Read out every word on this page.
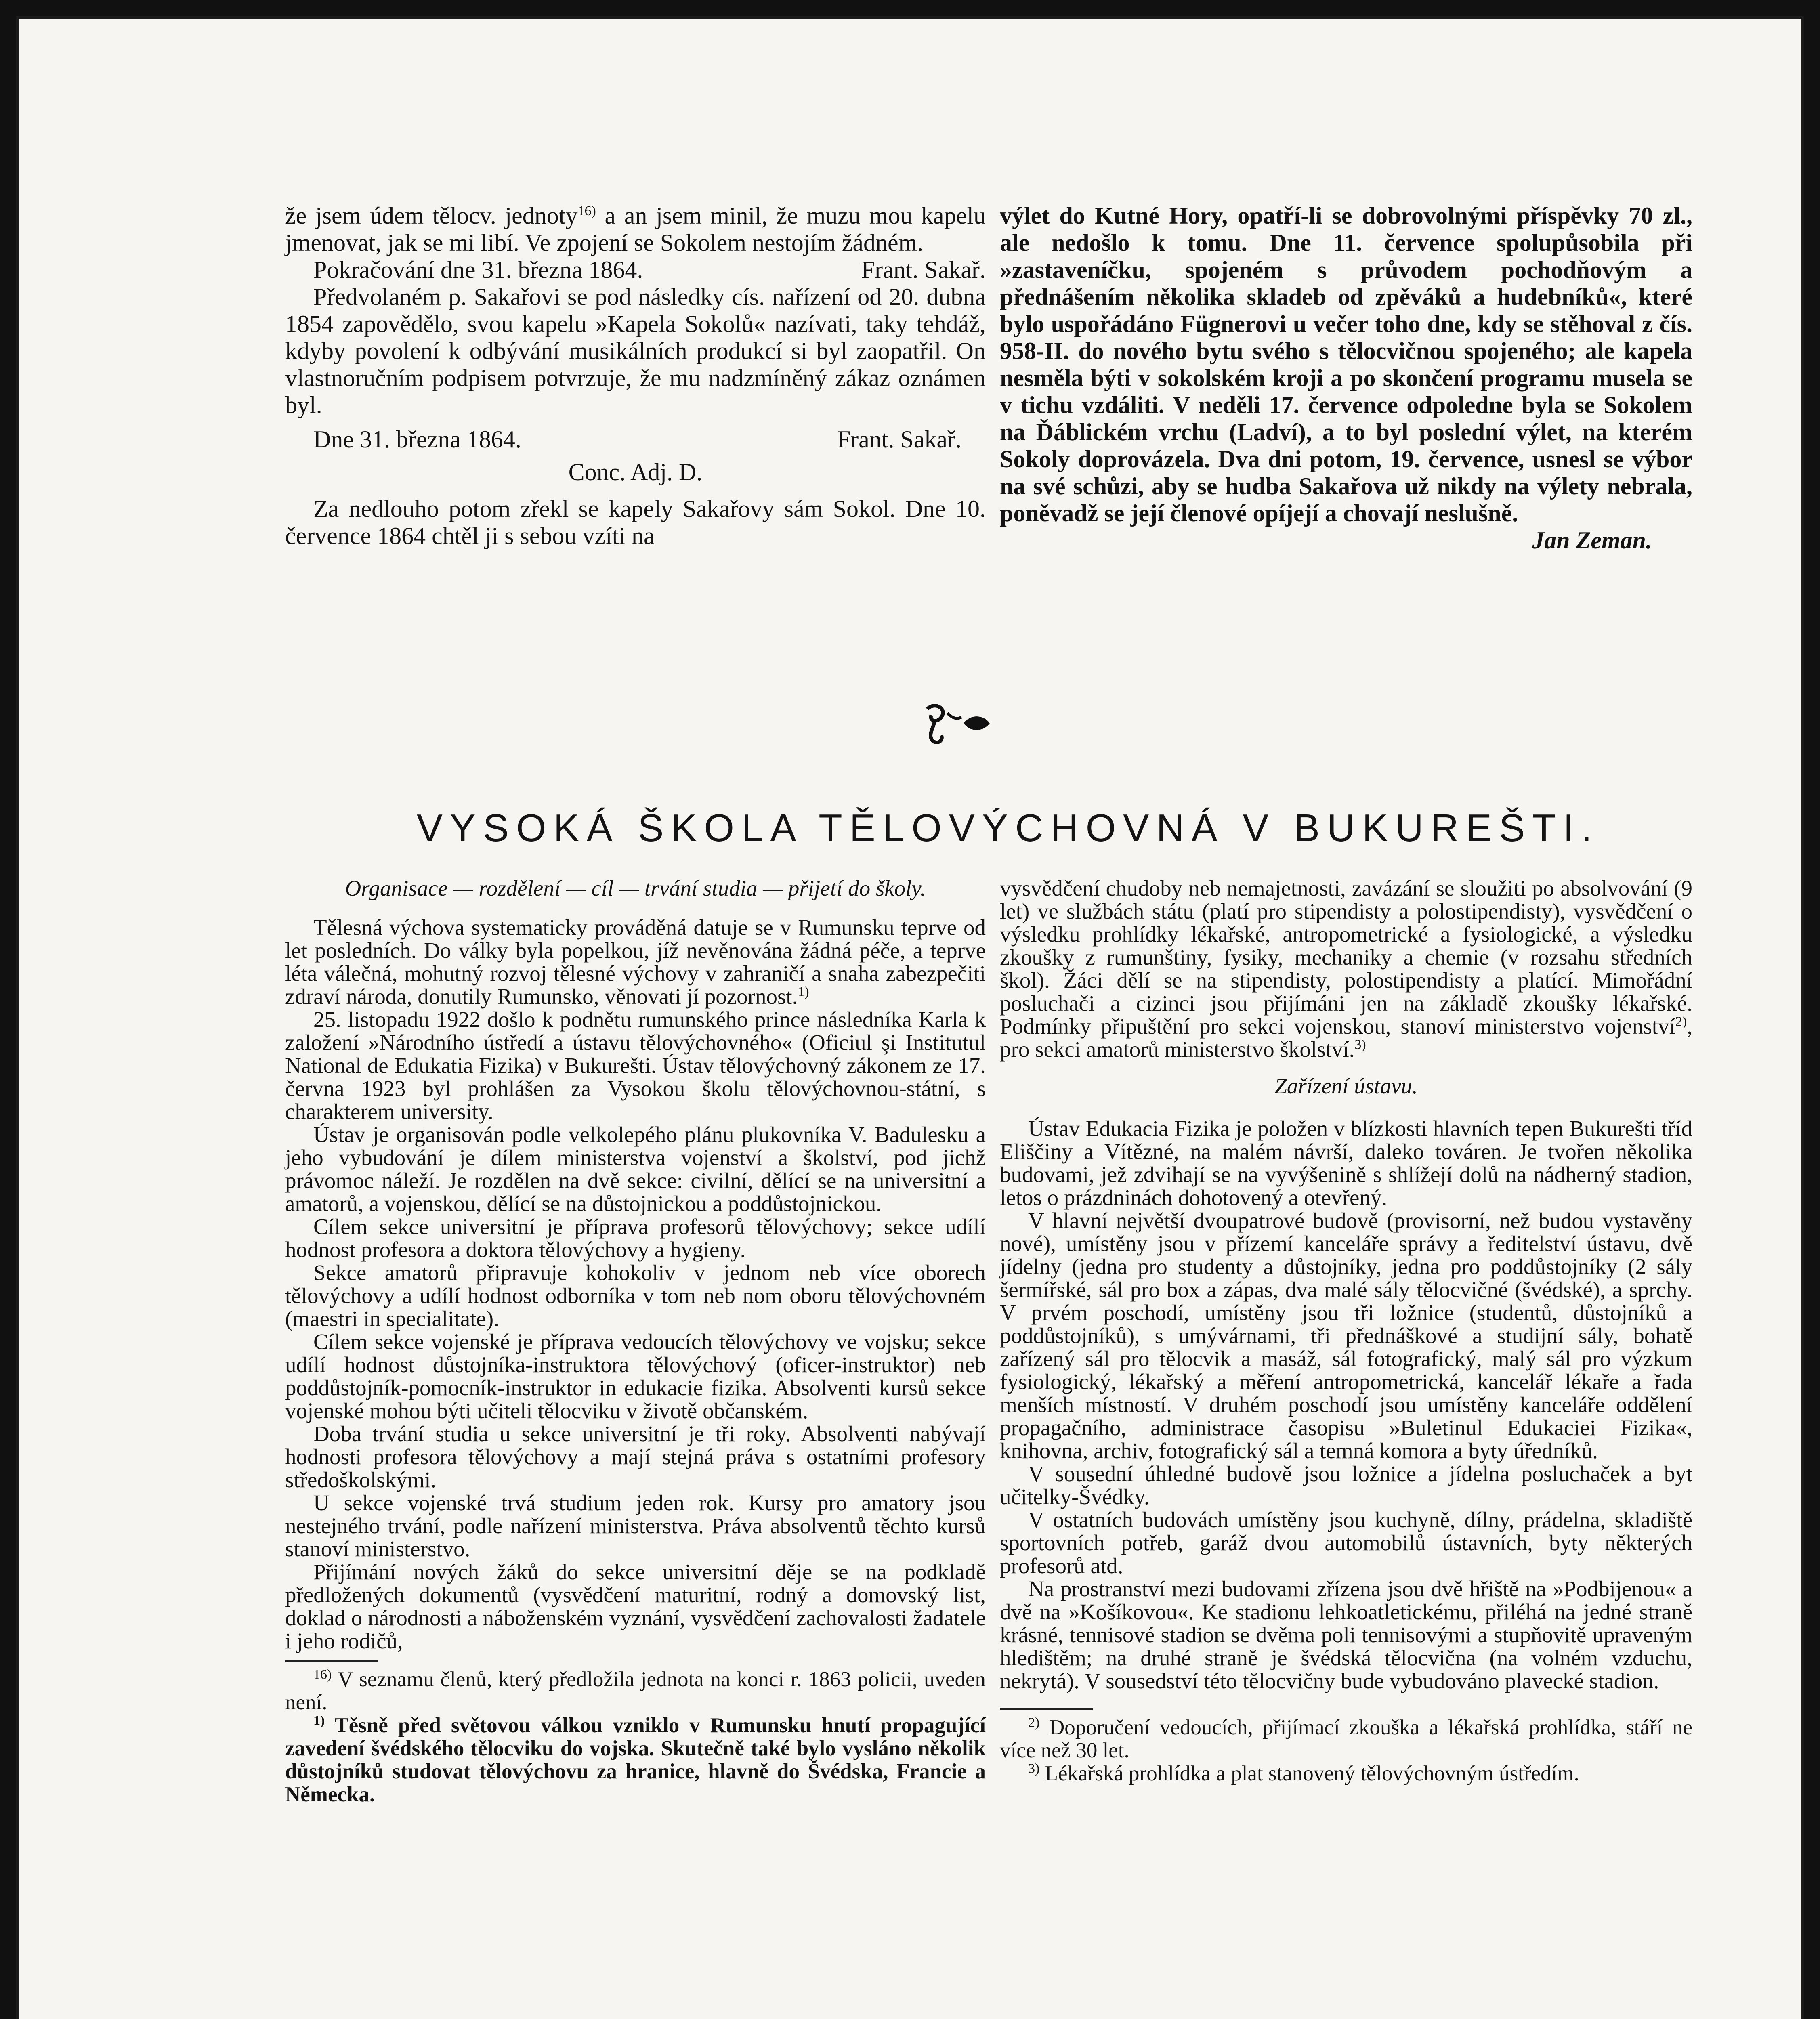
že jsem údem tělocv. jednoty$^{16)}$ a an jsem minil, že muzu mou kapelu jmenovat, jak se mi libí. Ve zpojení se Sokolem nestojím žádném.
Frant. Sakař.

Pokračování dne 31. března 1864.

Předvolaném p. Sakařovi se pod následky cís. nařízení od 20. dubna 1854 zapovědělo, svou kapelu »Kapela Sokolů« nazívati, taky tehdáž, kdyby povolení k odbývání musikálních produkcí si byl zaopatřil. On vlastnoručním podpisem potvrzuje, že mu nadzmíněný zákaz oznámen byl.

Dne 31. března 1864.	Frant. Sakař.

Conc. Adj. D.

Za nedlouho potom zřekl se kapely Sakařovy sám Sokol. Dne 10. července 1864 chtěl ji s sebou vzíti na

výlet do Kutné Hory, opatří-li se dobrovolnými příspěvky 70 zl., ale nedošlo k tomu. Dne 11. července spolupůsobila při »zastaveníčku, spojeném s průvodem pochodňovým a přednášením několika skladeb od zpěváků a hudebníků«, které bylo uspořádáno Fügnerovi u večer toho dne, kdy se stěhoval z čís. 958-II. do nového bytu svého s tělocvičnou spojeného; ale kapela nesměla býti v sokolském kroji a po skončení programu musela se v tichu vzdáliti. V neděli 17. července odpoledne byla se Sokolem na Ďáblickém vrchu (Ladví), a to byl poslední výlet, na kterém Sokoly doprovázela. Dva dni potom, 19. července, usnesl se výbor na své schůzi, aby se hudba Sakařova už nikdy na výlety nebrala, poněvadž se její členové opíjejí a chovají neslušně.

Jan Zeman.

VYSOKÁ ŠKOLA TĚLOVÝCHOVNÁ V BUKUREŠTI.

Organisace — rozdělení — cíl — trvání studia — přijetí do školy.

Tělesná výchova systematicky prováděná datuje se v Rumunsku teprve od let posledních. Do války byla popelkou, jíž nevěnována žádná péče, a teprve léta válečná, mohutný rozvoj tělesné výchovy v zahraničí a snaha zabezpečiti zdraví národa, donutily Rumunsko, věnovati jí pozornost.$^{1)}$

25. listopadu 1922 došlo k podnětu rumunského prince následníka Karla k založení »Národního ústředí a ústavu tělovýchovného« (Oficiul şi Institutul National de Edukatia Fizika) v Bukurešti. Ústav tělovýchovný zákonem ze 17. června 1923 byl prohlášen za Vysokou školu tělovýchovnou-státní, s charakterem university.

Ústav je organisován podle velkolepého plánu plukovníka V. Badulesku a jeho vybudování je dílem ministerstva vojenství a školství, pod jichž právomoc náleží. Je rozdělen na dvě sekce: civilní, dělící se na universitní a amatorů, a vojenskou, dělící se na důstojnickou a poddůstojnickou.

Cílem sekce universitní je příprava profesorů tělovýchovy; sekce udílí hodnost profesora a doktora tělovýchovy a hygieny.

Sekce amatorů připravuje kohokoliv v jednom neb více oborech tělovýchovy a udílí hodnost odborníka v tom neb nom oboru tělovýchovném (maestri in specialitate).

Cílem sekce vojenské je příprava vedoucích tělovýchovy ve vojsku; sekce udílí hodnost důstojníka-instruktora tělovýchový (oficer-instruktor) neb poddůstojník-pomocník-instruktor in edukacie fizika. Absolventi kursů sekce vojenské mohou býti učiteli tělocviku v životě občanském.

Doba trvání studia u sekce universitní je tři roky. Absolventi nabývají hodnosti profesora tělovýchovy a mají stejná práva s ostatními profesory středoškolskými.

U sekce vojenské trvá studium jeden rok. Kursy pro amatory jsou nestejného trvání, podle nařízení ministerstva. Práva absolventů těchto kursů stanoví ministerstvo.

Přijímání nových žáků do sekce universitní děje se na podkladě předložených dokumentů (vysvědčení maturitní, rodný a domovský list, doklad o národnosti a náboženském vyznání, vysvědčení zachovalosti žadatele i jeho rodičů,

$^{16)}$ V seznamu členů, který předložila jednota na konci r. 1863 policii, uveden není.

$^{1)}$ Těsně před světovou válkou vzniklo v Rumunsku hnutí propagující zavedení švédského tělocviku do vojska. Skutečně také bylo vysláno několik důstojníků studovat tělovýchovu za hranice, hlavně do Švédska, Francie a Německa.

vysvědčení chudoby neb nemajetnosti, zavázání se sloužiti po absolvování (9 let) ve službách státu (platí pro stipendisty a polostipendisty), vysvědčení o výsledku prohlídky lékařské, antropometrické a fysiologické, a výsledku zkoušky z rumunštiny, fysiky, mechaniky a chemie (v rozsahu středních škol). Žáci dělí se na stipendisty, polostipendisty a platící. Mimořádní posluchači a cizinci jsou přijímáni jen na základě zkoušky lékařské. Podmínky připuštění pro sekci vojenskou, stanoví ministerstvo vojenství$^{2)}$, pro sekci amatorů ministerstvo školství.$^{3)}$

Zařízení ústavu.

Ústav Edukacia Fizika je položen v blízkosti hlavních tepen Bukurešti tříd Eliščiny a Vítězné, na malém návrší, daleko továren. Je tvořen několika budovami, jež zdvihají se na vyvýšenině s shlížejí dolů na nádherný stadion, letos o prázdninách dohotovený a otevřený.

V hlavní největší dvoupatrové budově (provisorní, než budou vystavěny nové), umístěny jsou v přízemí kanceláře správy a ředitelství ústavu, dvě jídelny (jedna pro studenty a důstojníky, jedna pro poddůstojníky (2 sály šermířské, sál pro box a zápas, dva malé sály tělocvičné (švédské), a sprchy. V prvém poschodí, umístěny jsou tři ložnice (studentů, důstojníků a poddůstojníků), s umývárnami, tři přednáškové a studijní sály, bohatě zařízený sál pro tělocvik a masáž, sál fotografický, malý sál pro výzkum fysiologický, lékařský a měření antropometrická, kancelář lékaře a řada menších místností. V druhém poschodí jsou umístěny kanceláře oddělení propagačního, administrace časopisu »Buletinul Edukaciei Fizika«, knihovna, archiv, fotografický sál a temná komora a byty úředníků.

V sousední úhledné budově jsou ložnice a jídelna posluchaček a byt učitelky-Švédky.

V ostatních budovách umístěny jsou kuchyně, dílny, prádelna, skladiště sportovních potřeb, garáž dvou automobilů ústavních, byty některých profesorů atd.

Na prostranství mezi budovami zřízena jsou dvě hřiště na »Podbijenou« a dvě na »Košíkovou«. Ke stadionu lehkoatletickému, přiléhá na jedné straně krásné, tennisové stadion se dvěma poli tennisovými a stupňovitě upraveným hledištěm; na druhé straně je švédská tělocvična (na volném vzduchu, nekrytá). V sousedství této tělocvičny bude vybudováno plavecké stadion.

$^{2)}$ Doporučení vedoucích, přijímací zkouška a lékařská prohlídka, stáří ne více než 30 let.

$^{3)}$ Lékařská prohlídka a plat stanovený tělovýchovným ústředím.
